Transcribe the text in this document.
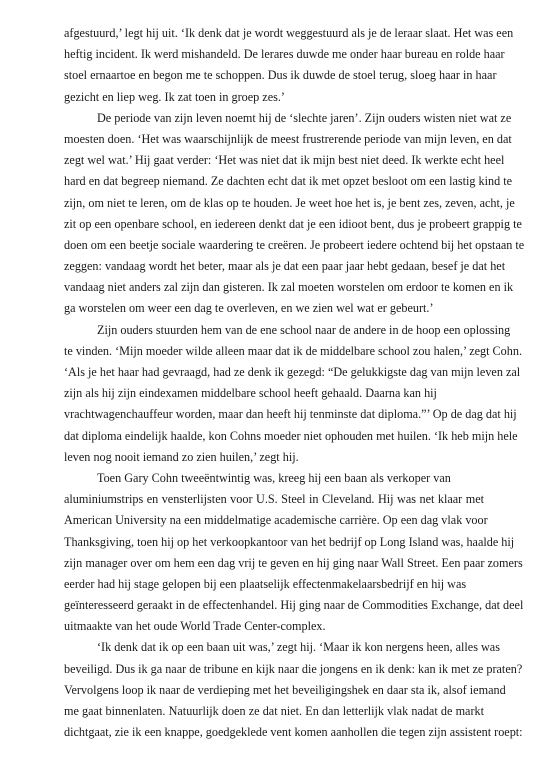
afgestuurd,’ legt hij uit. ‘Ik denk dat je wordt weggestuurd als je de leraar slaat. Het was een
heftig incident. Ik werd mishandeld. De lerares duwde me onder haar bureau en rolde haar
stoel ernaartoe en begon me te schoppen. Dus ik duwde de stoel terug, sloeg haar in haar
gezicht en liep weg. Ik zat toen in groep zes.’

De periode van zijn leven noemt hij de ‘slechte jaren’. Zijn ouders wisten niet wat ze
moesten doen. ‘Het was waarschijnlijk de meest frustrerende periode van mijn leven, en dat
zegt wel wat.’ Hij gaat verder: ‘Het was niet dat ik mijn best niet deed. Ik werkte echt heel
hard en dat begreep niemand. Ze dachten echt dat ik met opzet besloot om een lastig kind te
zijn, om niet te leren, om de klas op te houden. Je weet hoe het is, je bent zes, zeven, acht, je
zit op een openbare school, en iedereen denkt dat je een idioot bent, dus je probeert grappig te
doen om een beetje sociale waardering te creëren. Je probeert iedere ochtend bij het opstaan te
zeggen: vandaag wordt het beter, maar als je dat een paar jaar hebt gedaan, besef je dat het
vandaag niet anders zal zijn dan gisteren. Ik zal moeten worstelen om erdoor te komen en ik
ga worstelen om weer een dag te overleven, en we zien wel wat er gebeurt.’

Zijn ouders stuurden hem van de ene school naar de andere in de hoop een oplossing
te vinden. ‘Mijn moeder wilde alleen maar dat ik de middelbare school zou halen,’ zegt Cohn.
‘Als je het haar had gevraagd, had ze denk ik gezegd: “De gelukkigste dag van mijn leven zal
zijn als hij zijn eindexamen middelbare school heeft gehaald. Daarna kan hij
vrachtwagenchauffeur worden, maar dan heeft hij tenminste dat diploma.”’ Op de dag dat hij
dat diploma eindelijk haalde, kon Cohns moeder niet ophouden met huilen. ‘Ik heb mijn hele
leven nog nooit iemand zo zien huilen,’ zegt hij.

Toen Gary Cohn tweeëntwintig was, kreeg hij een baan als verkoper van
aluminiumstrips en vensterlijsten voor U.S. Steel in Cleveland. Hij was net klaar met
American University na een middelmatige academische carrière. Op een dag vlak voor
Thanksgiving, toen hij op het verkoopkantoor van het bedrijf op Long Island was, haalde hij
zijn manager over om hem een dag vrij te geven en hij ging naar Wall Street. Een paar zomers
eerder had hij stage gelopen bij een plaatselijk effectenmakelaarsbedrijf en hij was
geïnteresseerd geraakt in de effectenhandel. Hij ging naar de Commodities Exchange, dat deel
uitmaakte van het oude World Trade Center-complex.

‘Ik denk dat ik op een baan uit was,’ zegt hij. ‘Maar ik kon nergens heen, alles was
beveiligd. Dus ik ga naar de tribune en kijk naar die jongens en ik denk: kan ik met ze praten?
Vervolgens loop ik naar de verdieping met het beveiligingshek en daar sta ik, alsof iemand
me gaat binnenlaten. Natuurlijk doen ze dat niet. En dan letterlijk vlak nadat de markt
dichtgaat, zie ik een knappe, goedgeklede vent komen aanhollen die tegen zijn assistent roept:
